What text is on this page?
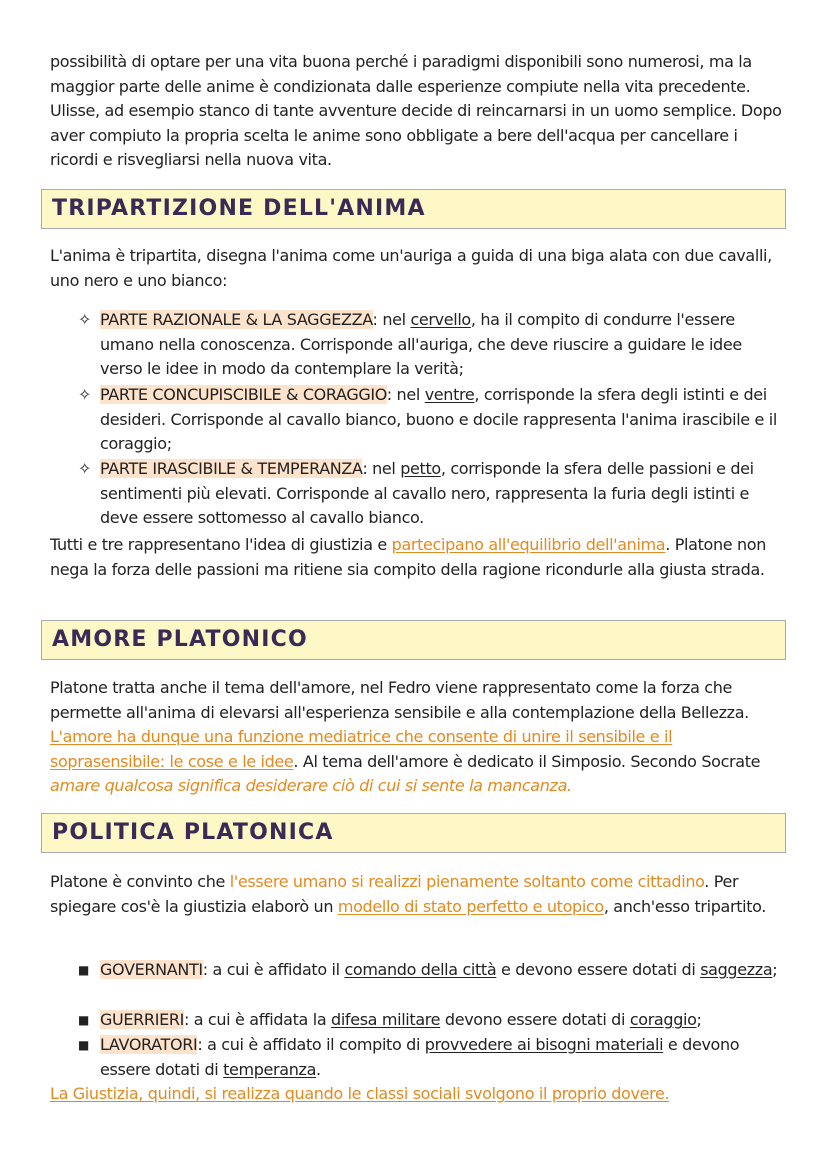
possibilità di optare per una vita buona perché i paradigmi disponibili sono numerosi, ma la maggior parte delle anime è condizionata dalle esperienze compiute nella vita precedente. Ulisse, ad esempio stanco di tante avventure decide di reincarnarsi in un uomo semplice. Dopo aver compiuto la propria scelta le anime sono obbligate a bere dell'acqua per cancellare i ricordi e risvegliarsi nella nuova vita.

TRIPARTIZIONE DELL'ANIMA

L'anima è tripartita, disegna l'anima come un'auriga a guida di una biga alata con due cavalli, uno nero e uno bianco:

✧ PARTE RAZIONALE & LA SAGGEZZA: nel cervello, ha il compito di condurre l'essere umano nella conoscenza. Corrisponde all'auriga, che deve riuscire a guidare le idee verso le idee in modo da contemplare la verità;

✧ PARTE CONCUPISCIBILE & CORAGGIO: nel ventre, corrisponde la sfera degli istinti e dei desideri. Corrisponde al cavallo bianco, buono e docile rappresenta l'anima irascibile e il coraggio;

✧ PARTE IRASCIBILE & TEMPERANZA: nel petto, corrisponde la sfera delle passioni e dei sentimenti più elevati. Corrisponde al cavallo nero, rappresenta la furia degli istinti e deve essere sottomesso al cavallo bianco.

Tutti e tre rappresentano l'idea di giustizia e partecipano all'equilibrio dell'anima. Platone non nega la forza delle passioni ma ritiene sia compito della ragione ricondurle alla giusta strada.

AMORE PLATONICO

Platone tratta anche il tema dell'amore, nel Fedro viene rappresentato come la forza che permette all'anima di elevarsi all'esperienza sensibile e alla contemplazione della Bellezza. L'amore ha dunque una funzione mediatrice che consente di unire il sensibile e il soprasensibile: le cose e le idee. Al tema dell'amore è dedicato il Simposio. Secondo Socrate amare qualcosa significa desiderare ciò di cui si sente la mancanza.

POLITICA PLATONICA

Platone è convinto che l'essere umano si realizzi pienamente soltanto come cittadino. Per spiegare cos'è la giustizia elaborò un modello di stato perfetto e utopico, anch'esso tripartito.

■ GOVERNANTI: a cui è affidato il comando della città e devono essere dotati di saggezza;

■ GUERRIERI: a cui è affidata la difesa militare devono essere dotati di coraggio;

■ LAVORATORI: a cui è affidato il compito di provvedere ai bisogni materiali e devono essere dotati di temperanza.

La Giustizia, quindi, si realizza quando le classi sociali svolgono il proprio dovere.
